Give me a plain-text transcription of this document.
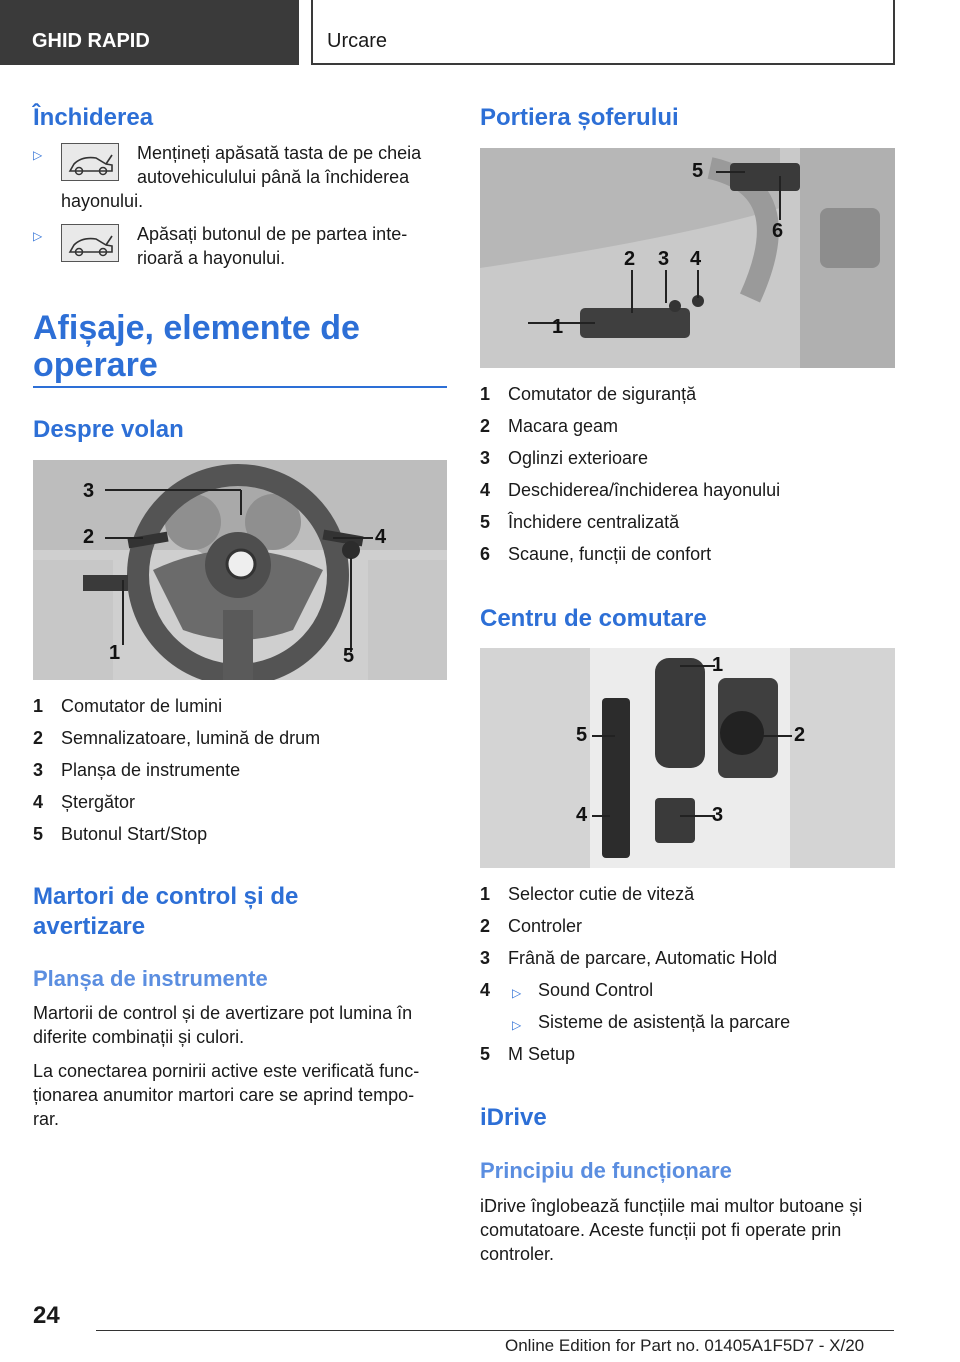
GHID RAPID	Urcare
Închiderea
▷	Mențineți apăsată tasta de pe cheia
autovehiculului până la închiderea
hayonului.
▷	Apăsați butonul de pe partea inte‐
rioară a hayonului.
Afișaje, elemente de
operare
Despre volan
3
2	4
1	5
1 Comutator de lumini
2 Semnalizatoare, lumină de drum
3 Planșa de instrumente
4 Ștergător
5 Butonul Start/Stop
Martori de control și de
avertizare
Planșa de instrumente
Martorii de control și de avertizare pot lumina în
diferite combinații și culori.
La conectarea pornirii active este verificată func‐
ționarea anumitor martori care se aprind tempo‐
rar.
Portiera șoferului
1
2 3 4
5
6
1 Comutator de siguranță
2 Macara geam
3 Oglinzi exterioare
4 Deschiderea/închiderea hayonului
5 Închidere centralizată
6 Scaune, funcții de confort
Centru de comutare
1
2
3
4
5
1 Selector cutie de viteză
2 Controler
3 Frână de parcare, Automatic Hold
4	▷ Sound Control
▷ Sisteme de asistență la parcare
5 M Setup
iDrive
Principiu de funcționare
iDrive înglobează funcțiile mai multor butoane și
comutatoare. Aceste funcții pot fi operate prin
controler.
24
Online Edition for Part no. 01405A1F5D7 - X/20
